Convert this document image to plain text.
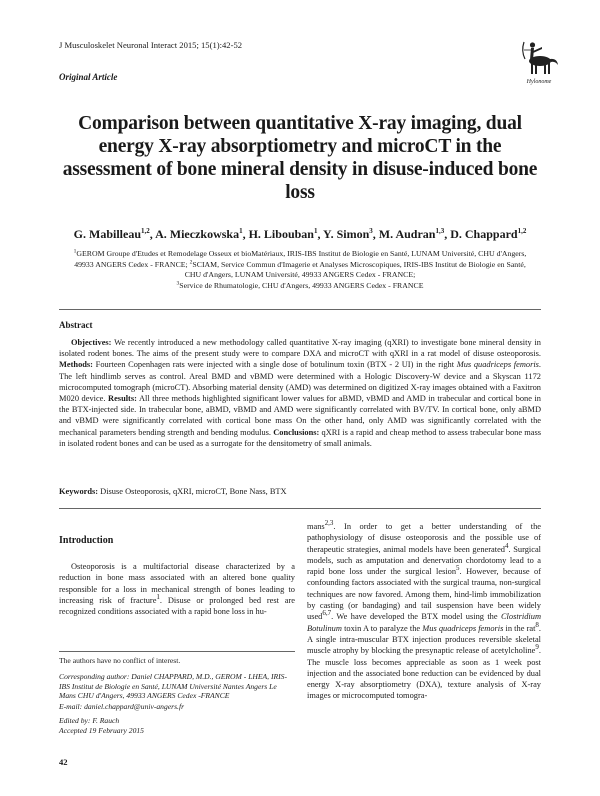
J Musculoskelet Neuronal Interact 2015; 15(1):42-52
Original Article	Hylonome
Comparison between quantitative X-ray imaging, dual energy X-ray absorptiometry and microCT in the assessment of bone mineral density in disuse-induced bone loss
G. Mabilleau$^{1,2}$, A. Mieczkowska$^1$, H. Libouban$^1$, Y. Simon$^3$, M. Audran$^{1,3}$, D. Chappard$^{1,2}$
$^1$GEROM Groupe d'Etudes et Remodelage Osseux et bioMatériaux, IRIS-IBS Institut de Biologie en Santé, LUNAM Université, CHU d'Angers, 49933 ANGERS Cedex - FRANCE; $^2$SCIAM, Service Commun d'Imagerie et Analyses Microscopiques, IRIS-IBS Institut de Biologie en Santé, CHU d'Angers, LUNAM Université, 49933 ANGERS Cedex - FRANCE;
$^3$Service de Rhumatologie, CHU d'Angers, 49933 ANGERS Cedex - FRANCE
Abstract
Objectives: We recently introduced a new methodology called quantitative X-ray imaging (qXRI) to investigate bone mineral density in isolated rodent bones. The aims of the present study were to compare DXA and microCT with qXRI in a rat model of disuse osteoporosis. Methods: Fourteen Copenhagen rats were injected with a single dose of botulinum toxin (BTX - 2 UI) in the right Mus quadriceps femoris. The left hindlimb serves as control. Areal BMD and vBMD were determined with a Hologic Discovery-W device and a Skyscan 1172 microcomputed tomograph (microCT). Absorbing material density (AMD) was determined on digitized X-ray images obtained with a Faxitron M020 device. Results: All three methods highlighted significant lower values for aBMD, vBMD and AMD in trabecular and cortical bone in the BTX-injected side. In trabecular bone, aBMD, vBMD and AMD were significantly correlated with BV/TV. In cortical bone, only aBMD and vBMD were significantly correlated with cortical bone mass On the other hand, only AMD was significantly correlated with the mechanical parameters bending strength and bending modulus. Conclusions: qXRI is a rapid and cheap method to assess trabecular bone mass in isolated rodent bones and can be used as a surrogate for the densitometry of small animals.
Keywords: Disuse Osteoporosis, qXRI, microCT, Bone Nass, BTX
Introduction
Osteoporosis is a multifactorial disease characterized by a reduction in bone mass associated with an altered bone quality responsible for a loss in mechanical strength of bones leading to increasing risk of fracture$^1$. Disuse or prolonged bed rest are recognized conditions associated with a rapid bone loss in hu-
mans$^{2,3}$. In order to get a better understanding of the pathophysiology of disuse osteoporosis and the possible use of therapeutic strategies, animal models have been generated$^4$. Surgical models, such as amputation and denervation chordotomy lead to a rapid bone loss under the surgical lesion$^5$. However, because of confounding factors associated with the surgical trauma, non-surgical techniques are now favored. Among them, hind-limb immobilization by casting (or bandaging) and tail suspension have been widely used$^{6,7}$. We have developed the BTX model using the Clostridium Botulinum toxin A to paralyze the Mus quadriceps femoris in the rat$^8$. A single intra-muscular BTX injection produces reversible skeletal muscle atrophy by blocking the presynaptic release of acetylcholine$^9$. The muscle loss becomes appreciable as soon as 1 week post injection and the associated bone reduction can be evidenced by dual energy X-ray absorptiometry (DXA), texture analysis of X-ray images or microcomputed tomogra-
The authors have no conflict of interest.
Corresponding author: Daniel CHAPPARD, M.D., GEROM - LHEA, IRIS-IBS Institut de Biologie en Santé, LUNAM Université Nantes Angers Le Mans CHU d'Angers, 49933 ANGERS Cedex -FRANCE
E-mail: daniel.chappard@univ-angers.fr
Edited by: F. Rauch
Accepted 19 February 2015
42
